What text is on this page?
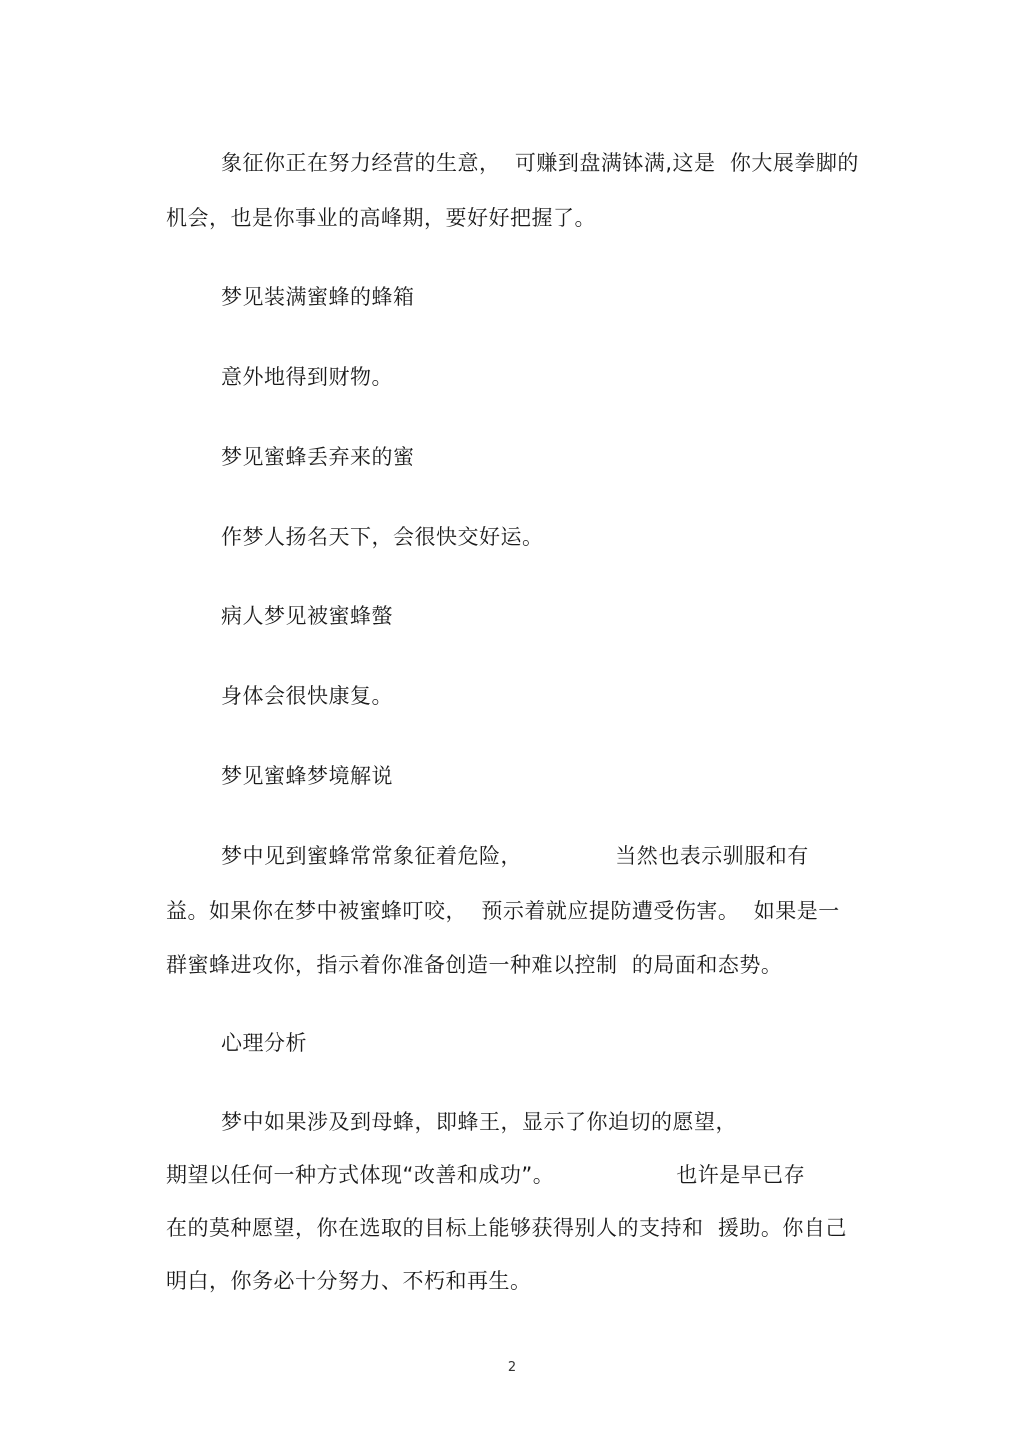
象征你正在努力经营的生意，  可赚到盘满钵满,这是  你大展拳脚的
机会，也是你事业的高峰期，要好好把握了。
梦见装满蜜蜂的蜂箱
意外地得到财物。
梦见蜜蜂丢弃来的蜜
作梦人扬名天下，会很快交好运。
病人梦见被蜜蜂螫
身体会很快康复。
梦见蜜蜂梦境解说
梦中见到蜜蜂常常象征着危险，             当然也表示驯服和有
益。如果你在梦中被蜜蜂叮咬，  预示着就应提防遭受伤害。  如果是一
群蜜蜂进攻你，指示着你准备创造一种难以控制  的局面和态势。
心理分析
梦中如果涉及到母蜂，即蜂王，显示了你迫切的愿望，
期望以任何一种方式体现“改善和成功”。                 也许是早已存
在的莫种愿望，你在选取的目标上能够获得别人的支持和  援助。你自己
明白，你务必十分努力、不朽和再生。
2
